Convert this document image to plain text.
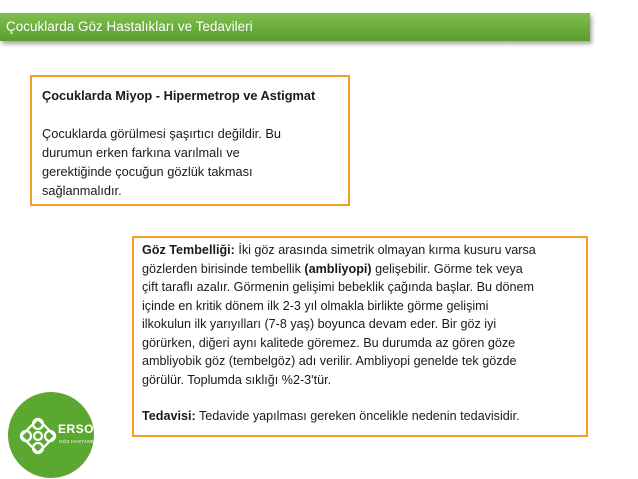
Çocuklarda Göz Hastalıkları ve Tedavileri
Çocuklarda Miyop - Hipermetrop ve Astigmat
Çocuklarda görülmesi şaşırtıcı değildir. Bu
durumun erken farkına varılmalı ve
gerektiğinde çocuğun gözlük takması
sağlanmalıdır.
Göz Tembelliği: İki göz arasında simetrik olmayan kırma kusuru varsa
gözlerden birisinde tembellik (ambliyopi) gelişebilir. Görme tek veya
çift taraflı azalır. Görmenin gelişimi bebeklik çağında başlar. Bu dönem
içinde en kritik dönem ilk 2-3 yıl olmakla birlikte görme gelişimi
ilkokulun ilk yarıyılları (7-8 yaş) boyunca devam eder. Bir göz iyi
görürken, diğeri aynı kalitede göremez. Bu durumda az gören göze
ambliyobik göz (tembelgöz) adı verilir. Ambliyopi genelde tek gözde
görülür. Toplumda sıklığı %2-3'tür.
Tedavisi: Tedavide yapılması gereken öncelikle nedenin tedavisidir.
ERSOY
GÖZ HASTANESİ
